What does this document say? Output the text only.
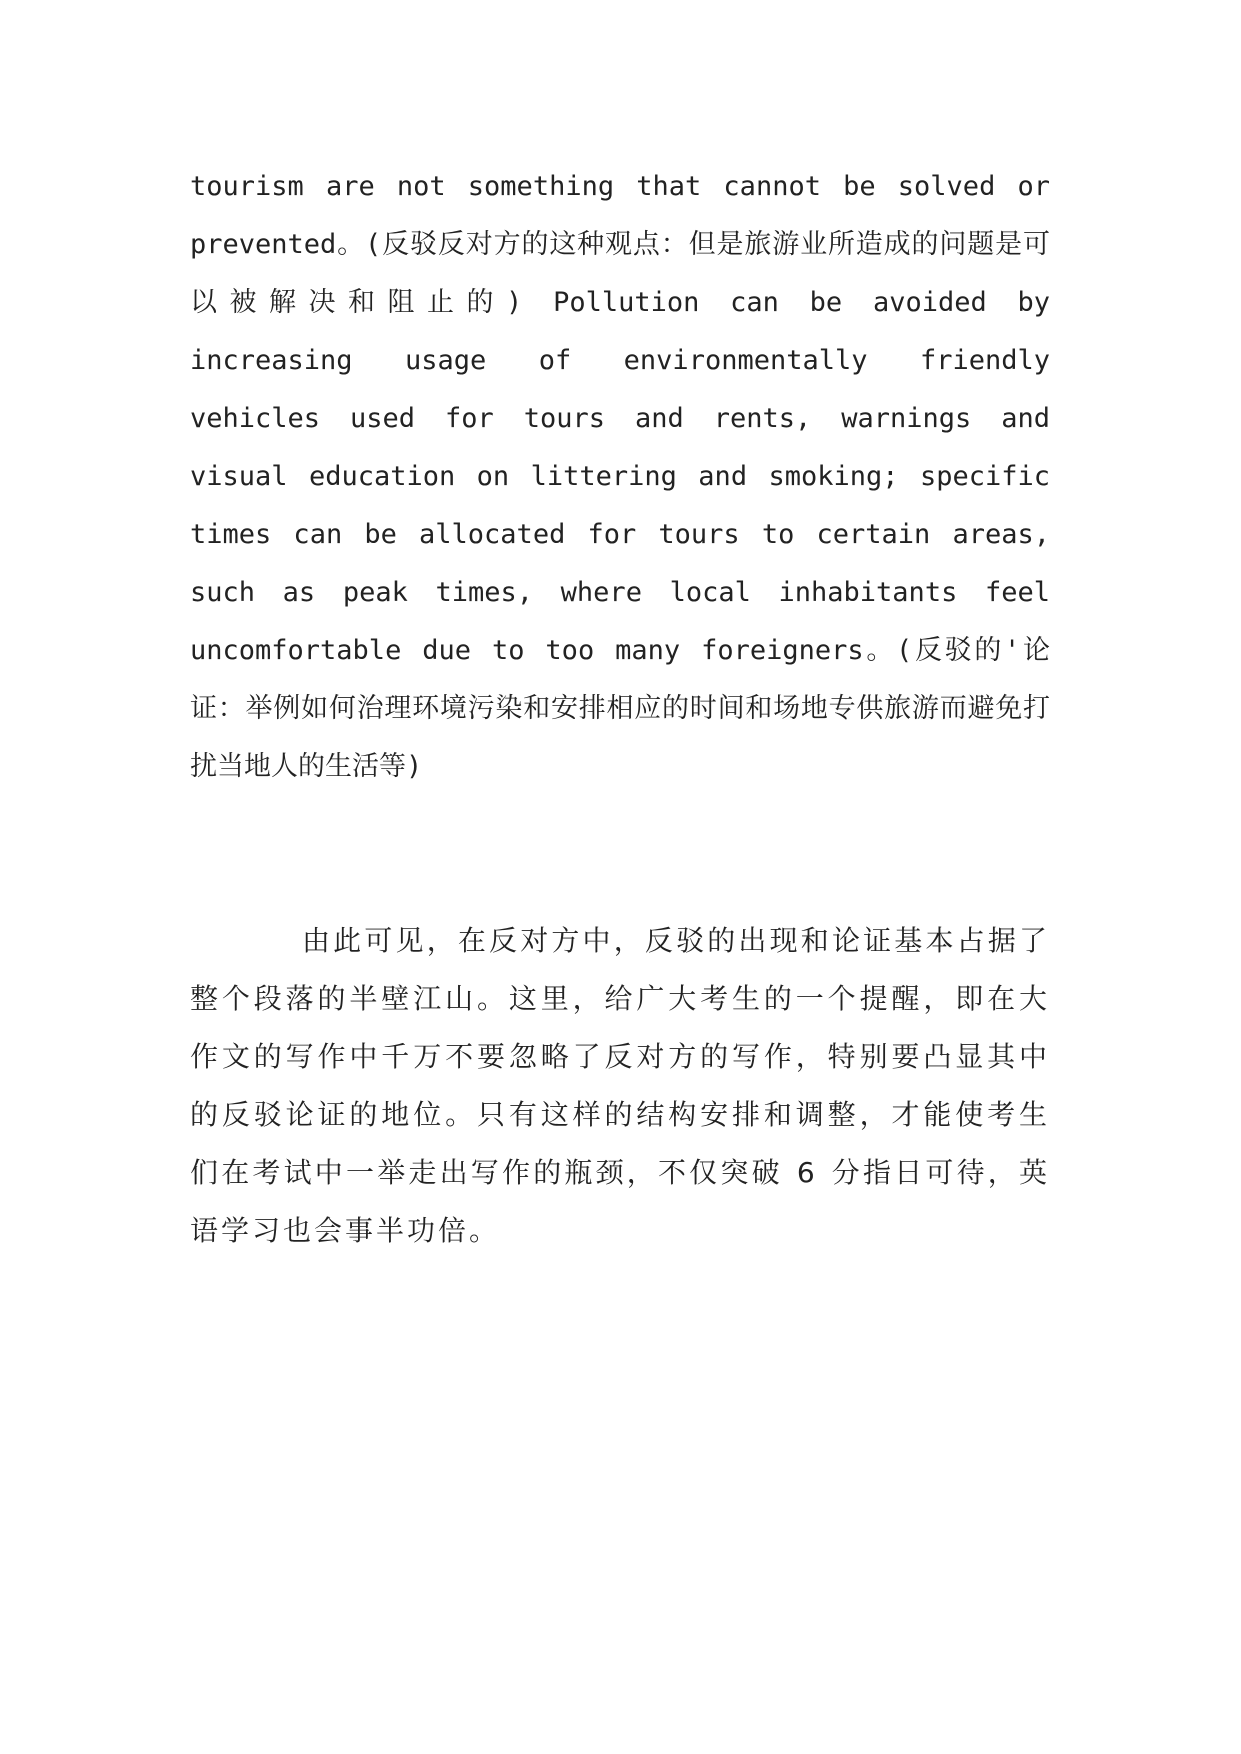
tourism are not something that cannot be solved or prevented。(反驳反对方的这种观点：但是旅游业所造成的问题是可以被解决和阻止的) Pollution can be avoided by increasing usage of environmentally friendly vehicles used for tours and rents, warnings and visual education on littering and smoking; specific times can be allocated for tours to certain areas, such as peak times, where local inhabitants feel uncomfortable due to too many foreigners。(反驳的'论证：举例如何治理环境污染和安排相应的时间和场地专供旅游而避免打扰当地人的生活等)

由此可见，在反对方中，反驳的出现和论证基本占据了整个段落的半壁江山。这里，给广大考生的一个提醒，即在大作文的写作中千万不要忽略了反对方的写作，特别要凸显其中的反驳论证的地位。只有这样的结构安排和调整，才能使考生们在考试中一举走出写作的瓶颈，不仅突破 6 分指日可待，英语学习也会事半功倍。
